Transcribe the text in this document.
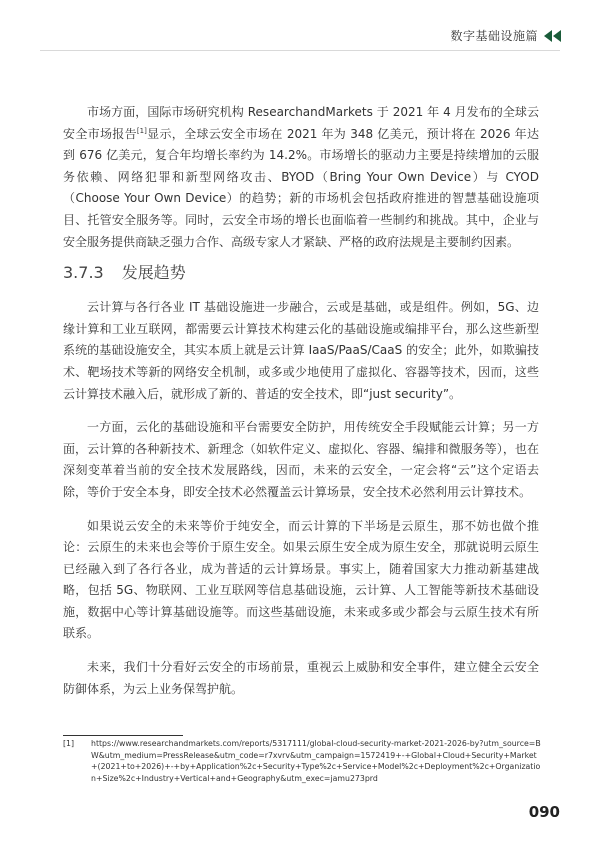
数字基础设施篇

市场方面，国际市场研究机构 ResearchandMarkets 于 2021 年 4 月发布的全球云安全市场报告[1]显示，全球云安全市场在 2021 年为 348 亿美元，预计将在 2026 年达到 676 亿美元，复合年均增长率约为 14.2%。市场增长的驱动力主要是持续增加的云服务依赖、网络犯罪和新型网络攻击、BYOD（Bring Your Own Device）与 CYOD（Choose Your Own Device）的趋势；新的市场机会包括政府推进的智慧基础设施项目、托管安全服务等。同时，云安全市场的增长也面临着一些制约和挑战。其中，企业与安全服务提供商缺乏强力合作、高级专家人才紧缺、严格的政府法规是主要制约因素。

3.7.3 发展趋势

云计算与各行各业 IT 基础设施进一步融合，云或是基础，或是组件。例如，5G、边缘计算和工业互联网，都需要云计算技术构建云化的基础设施或编排平台，那么这些新型系统的基础设施安全，其实本质上就是云计算 IaaS/PaaS/CaaS 的安全；此外，如欺骗技术、靶场技术等新的网络安全机制，或多或少地使用了虚拟化、容器等技术，因而，这些云计算技术融入后，就形成了新的、普适的安全技术，即“just security”。

一方面，云化的基础设施和平台需要安全防护，用传统安全手段赋能云计算；另一方面，云计算的各种新技术、新理念（如软件定义、虚拟化、容器、编排和微服务等），也在深刻变革着当前的安全技术发展路线，因而，未来的云安全，一定会将“云”这个定语去除，等价于安全本身，即安全技术必然覆盖云计算场景，安全技术必然利用云计算技术。

如果说云安全的未来等价于纯安全，而云计算的下半场是云原生，那不妨也做个推论：云原生的未来也会等价于原生安全。如果云原生安全成为原生安全，那就说明云原生已经融入到了各行各业，成为普适的云计算场景。事实上，随着国家大力推动新基建战略，包括 5G、物联网、工业互联网等信息基础设施，云计算、人工智能等新技术基础设施，数据中心等计算基础设施等。而这些基础设施，未来或多或少都会与云原生技术有所联系。

未来，我们十分看好云安全的市场前景，重视云上威胁和安全事件，建立健全云安全防御体系，为云上业务保驾护航。

[1]	https://www.researchandmarkets.com/reports/5317111/global-cloud-security-market-2021-2026-by?utm_source=BW&utm_medium=PressRelease&utm_code=r7xvrv&utm_campaign=1572419+-+Global+Cloud+Security+Market+(2021+to+2026)+-+by+Application%2c+Security+Type%2c+Service+Model%2c+Deployment%2c+Organization+Size%2c+Industry+Vertical+and+Geography&utm_exec=jamu273prd
090
